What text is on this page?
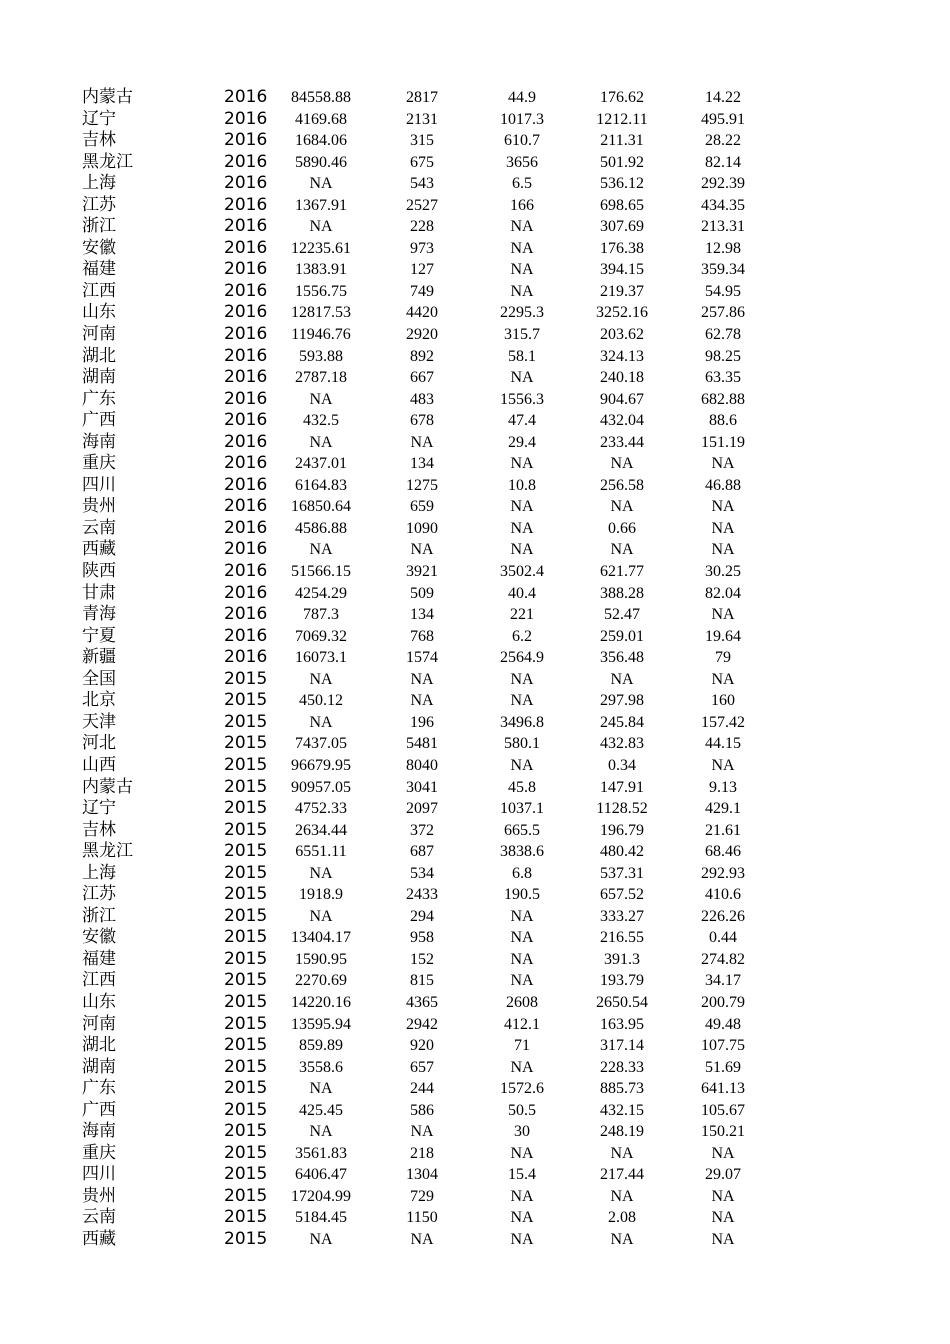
内蒙古	2016	84558.88	2817	44.9	176.62	14.22
辽宁	2016	4169.68	2131	1017.3	1212.11	495.91
吉林	2016	1684.06	315	610.7	211.31	28.22
黑龙江	2016	5890.46	675	3656	501.92	82.14
上海	2016	NA	543	6.5	536.12	292.39
江苏	2016	1367.91	2527	166	698.65	434.35
浙江	2016	NA	228	NA	307.69	213.31
安徽	2016	12235.61	973	NA	176.38	12.98
福建	2016	1383.91	127	NA	394.15	359.34
江西	2016	1556.75	749	NA	219.37	54.95
山东	2016	12817.53	4420	2295.3	3252.16	257.86
河南	2016	11946.76	2920	315.7	203.62	62.78
湖北	2016	593.88	892	58.1	324.13	98.25
湖南	2016	2787.18	667	NA	240.18	63.35
广东	2016	NA	483	1556.3	904.67	682.88
广西	2016	432.5	678	47.4	432.04	88.6
海南	2016	NA	NA	29.4	233.44	151.19
重庆	2016	2437.01	134	NA	NA	NA
四川	2016	6164.83	1275	10.8	256.58	46.88
贵州	2016	16850.64	659	NA	NA	NA
云南	2016	4586.88	1090	NA	0.66	NA
西藏	2016	NA	NA	NA	NA	NA
陕西	2016	51566.15	3921	3502.4	621.77	30.25
甘肃	2016	4254.29	509	40.4	388.28	82.04
青海	2016	787.3	134	221	52.47	NA
宁夏	2016	7069.32	768	6.2	259.01	19.64
新疆	2016	16073.1	1574	2564.9	356.48	79
全国	2015	NA	NA	NA	NA	NA
北京	2015	450.12	NA	NA	297.98	160
天津	2015	NA	196	3496.8	245.84	157.42
河北	2015	7437.05	5481	580.1	432.83	44.15
山西	2015	96679.95	8040	NA	0.34	NA
内蒙古	2015	90957.05	3041	45.8	147.91	9.13
辽宁	2015	4752.33	2097	1037.1	1128.52	429.1
吉林	2015	2634.44	372	665.5	196.79	21.61
黑龙江	2015	6551.11	687	3838.6	480.42	68.46
上海	2015	NA	534	6.8	537.31	292.93
江苏	2015	1918.9	2433	190.5	657.52	410.6
浙江	2015	NA	294	NA	333.27	226.26
安徽	2015	13404.17	958	NA	216.55	0.44
福建	2015	1590.95	152	NA	391.3	274.82
江西	2015	2270.69	815	NA	193.79	34.17
山东	2015	14220.16	4365	2608	2650.54	200.79
河南	2015	13595.94	2942	412.1	163.95	49.48
湖北	2015	859.89	920	71	317.14	107.75
湖南	2015	3558.6	657	NA	228.33	51.69
广东	2015	NA	244	1572.6	885.73	641.13
广西	2015	425.45	586	50.5	432.15	105.67
海南	2015	NA	NA	30	248.19	150.21
重庆	2015	3561.83	218	NA	NA	NA
四川	2015	6406.47	1304	15.4	217.44	29.07
贵州	2015	17204.99	729	NA	NA	NA
云南	2015	5184.45	1150	NA	2.08	NA
西藏	2015	NA	NA	NA	NA	NA
